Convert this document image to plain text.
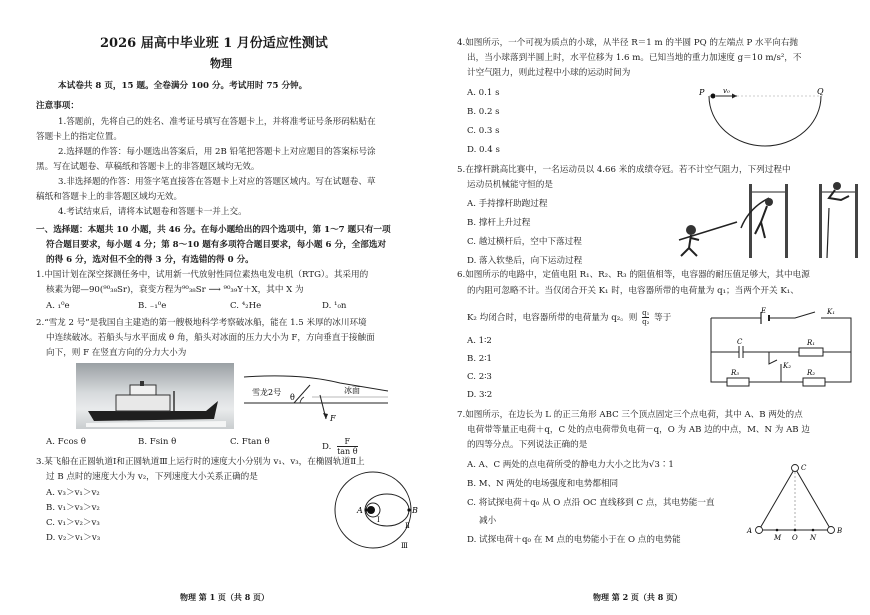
2026 届高中毕业班 1 月份适应性测试
物理
本试卷共 8 页，15 题。全卷满分 100 分。考试用时 75 分钟。
注意事项：
1.答题前，先将自己的姓名、准考证号填写在答题卡上，并将准考证号条形码粘贴在
答题卡上的指定位置。
2.选择题的作答：每小题选出答案后，用 2B 铅笔把答题卡上对应题目的答案标号涂
黑。写在试题卷、草稿纸和答题卡上的非答题区域均无效。
3.非选择题的作答：用签字笔直接答在答题卡上对应的答题区域内。写在试题卷、草
稿纸和答题卡上的非答题区域均无效。
4.考试结束后，请将本试题卷和答题卡一并上交。
一、选择题：本题共 10 小题，共 46 分。在每小题给出的四个选项中，第 1～7 题只有一项
符合题目要求，每小题 4 分；第 8～10 题有多项符合题目要求，每小题 6 分，全部选对
的得 6 分，选对但不全的得 3 分，有选错的得 0 分。
1.中国计划在深空探测任务中，试用新一代放射性同位素热电发电机（RTG）。其采用的
核素为锶—90(⁹⁰₃₈Sr)，衰变方程为⁹⁰₃₈Sr ⟶ ⁹⁰₃₉Y＋X，其中 X 为
A. ₁⁰e	B. ₋₁⁰e	C. ⁴₂He	D. ¹₀n
2.“雪龙 2 号”是我国自主建造的第一艘极地科学考察破冰船，能在 1.5 米厚的冰川环境
中连续破冰。若船头与水平面成 θ 角，船头对冰面的压力大小为 F，方向垂直于接触面
向下，则 F 在竖直方向的分力大小为
雪龙2号	冰面
θ
F
A. Fcos θ	B. Fsin θ	C. Ftan θ	D. $\frac{F}{\text{tan θ}}$
3.某飞船在正圆轨道Ⅰ和正圆轨道Ⅲ上运行时的速度大小分别为 v₁、v₃，在椭圆轨道Ⅱ上
过 B 点时的速度大小为 v₂，下列速度大小关系正确的是
A. v₃＞v₁＞v₂
B. v₁＞v₃＞v₂
C. v₁＞v₂＞v₃
D. v₂＞v₁＞v₃
A	B
Ⅰ
Ⅱ
Ⅲ
物理 第 1 页（共 8 页）
4.如图所示，一个可视为质点的小球，从半径 R＝1 m 的半圆 PQ 的左端点 P 水平向右抛
出，当小球落到半圆上时，水平位移为 1.6 m。已知当地的重力加速度 g＝10 m/s²，不
计空气阻力，则此过程中小球的运动时间为
A. 0.1 s
B. 0.2 s
C. 0.3 s
D. 0.4 s
P	Q
v₀
5.在撑杆跳高比赛中，一名运动员以 4.66 米的成绩夺冠。若不计空气阻力，下列过程中
运动员机械能守恒的是
A. 手持撑杆助跑过程
B. 撑杆上升过程
C. 越过横杆后，空中下落过程
D. 落入软垫后，向下运动过程
6.如图所示的电路中，定值电阻 R₁、R₂、R₃ 的阻值相等，电容器的耐压值足够大，其中电源
的内阻可忽略不计。当仅闭合开关 K₁ 时，电容器所带的电荷量为 q₁；当两个开关 K₁、
K₂ 均闭合时，电容器所带的电荷量为 q₂。则 $\frac{\text{q₁}}{\text{q₂}}$ 等于
A. 1∶2
B. 2∶1
C. 2∶3
D. 3∶2
E	K₁
C	R₁
R₂
R₃
K₂
7.如图所示，在边长为 L 的正三角形 ABC 三个顶点固定三个点电荷，其中 A、B 两处的点
电荷带等量正电荷＋q，C 处的点电荷带负电荷－q，O 为 AB 边的中点，M、N 为 AB 边
的四等分点。下列说法正确的是
A. A、C 两处的点电荷所受的静电力大小之比为√3∶1
B. M、N 两处的电场强度和电势都相同
C. 将试探电荷＋q₀ 从 O 点沿 OC 直线移到 C 点，其电势能一直
减小
D. 试探电荷＋q₀ 在 M 点的电势能小于在 O 点的电势能
A
M O N
B
C
物理 第 2 页（共 8 页）
